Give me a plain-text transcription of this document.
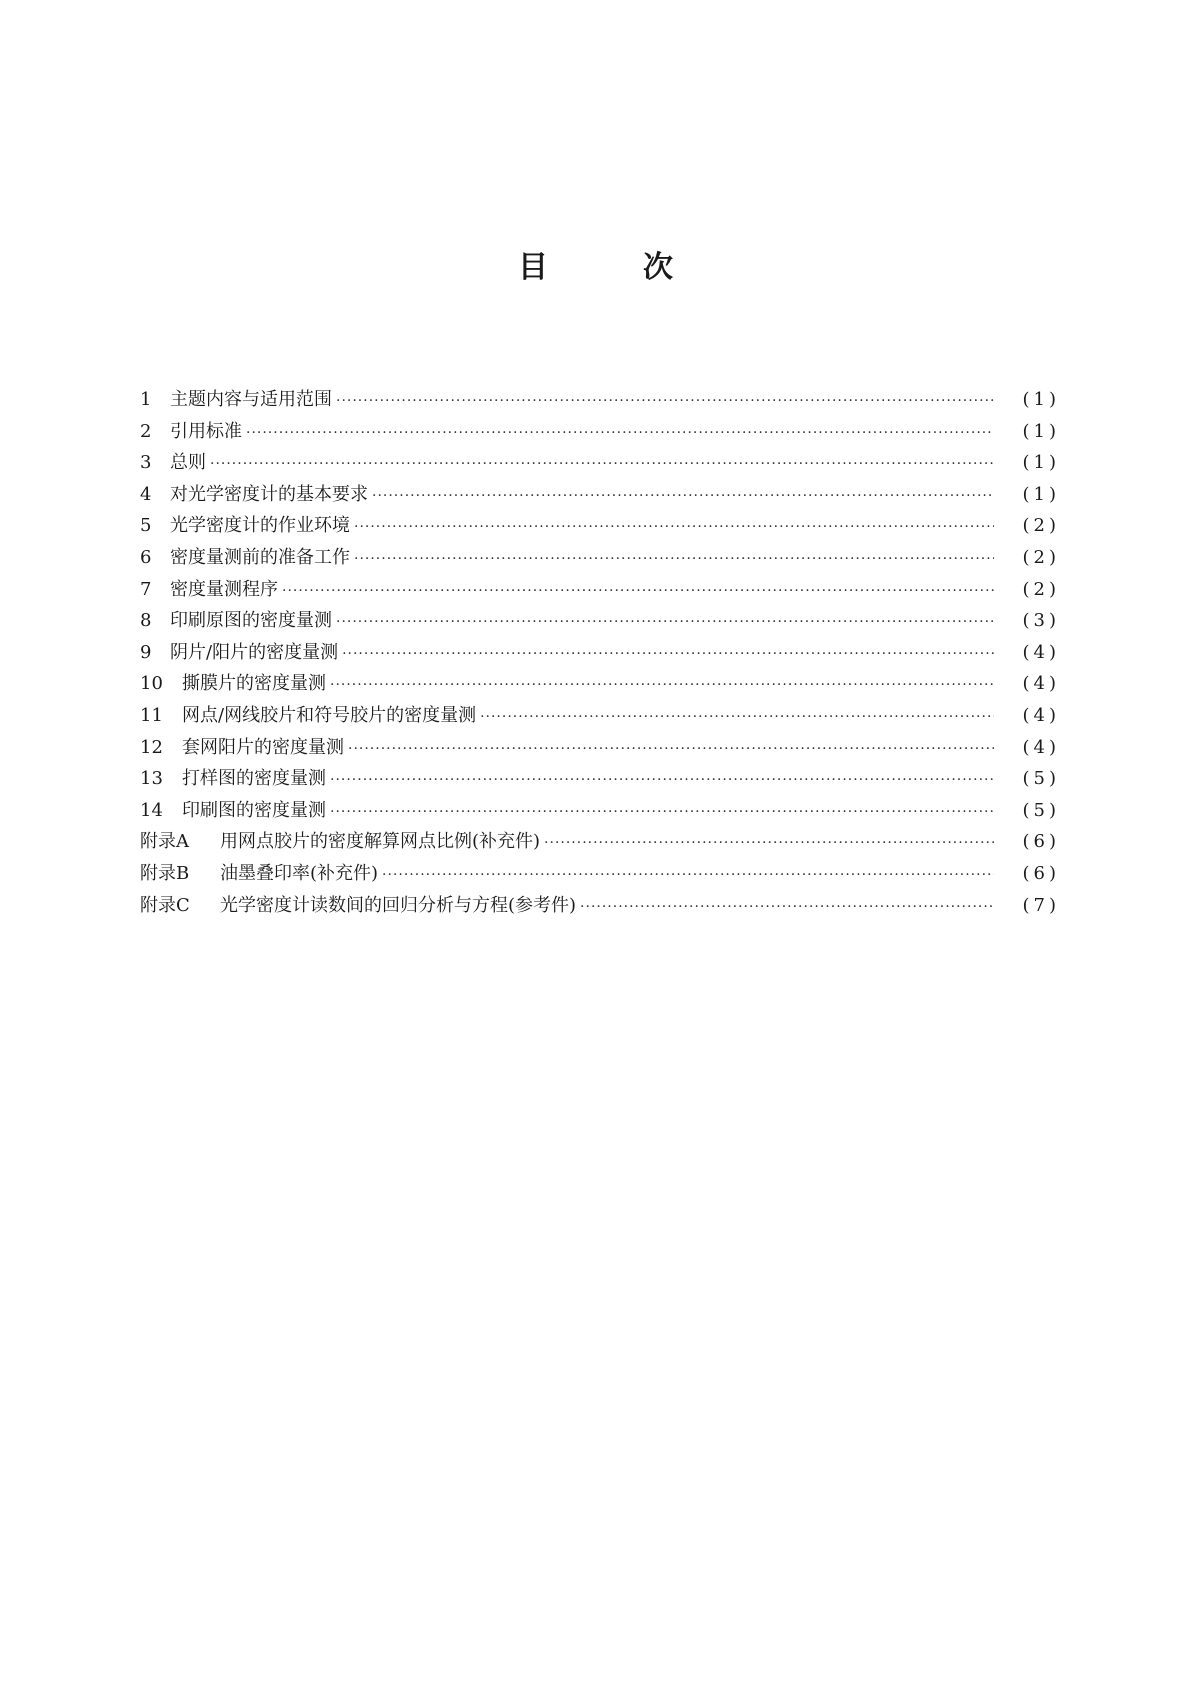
目	次
1	主题内容与适用范围 ·····	(1)
2	引用标准 ·····	(1)
3	总则 ·····	(1)
4	对光学密度计的基本要求 ·····	(1)
5	光学密度计的作业环境 ·····	(2)
6	密度量测前的准备工作 ·····	(2)
7	密度量测程序 ·····	(2)
8	印刷原图的密度量测 ·····	(3)
9	阴片/阳片的密度量测 ·····	(4)
10	撕膜片的密度量测 ·····	(4)
11	网点/网线胶片和符号胶片的密度量测 ·····	(4)
12	套网阳片的密度量测 ·····	(4)
13	打样图的密度量测 ·····	(5)
14	印刷图的密度量测 ·····	(5)
附录A	用网点胶片的密度解算网点比例(补充件) ·····	(6)
附录B	油墨叠印率(补充件) ·····	(6)
附录C	光学密度计读数间的回归分析与方程(参考件) ·····	(7)
